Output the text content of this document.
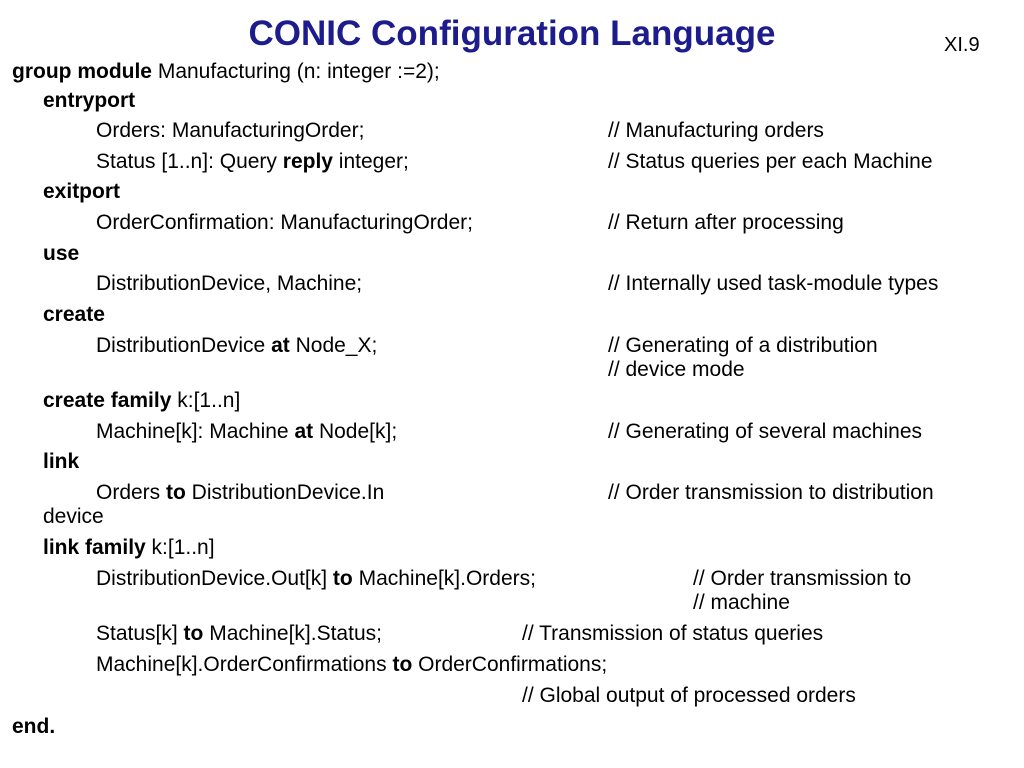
CONIC Configuration Language	XI.9
group module Manufacturing (n: integer :=2);
entryport
Orders: ManufacturingOrder;	// Manufacturing orders
Status [1..n]: Query reply integer;	// Status queries per each Machine
exitport
OrderConfirmation: ManufacturingOrder;	// Return after processing
use
DistributionDevice, Machine;	// Internally used task-module types
create
DistributionDevice at Node_X;	// Generating of a distribution
// device mode
create family k:[1..n]
Machine[k]: Machine at Node[k];	// Generating of several machines
link
Orders to DistributionDevice.In	// Order transmission to distribution
device
link family k:[1..n]
DistributionDevice.Out[k] to Machine[k].Orders;	// Order transmission to
// machine
Status[k] to Machine[k].Status;	// Transmission of status queries
Machine[k].OrderConfirmations to OrderConfirmations;
// Global output of processed orders
end.
